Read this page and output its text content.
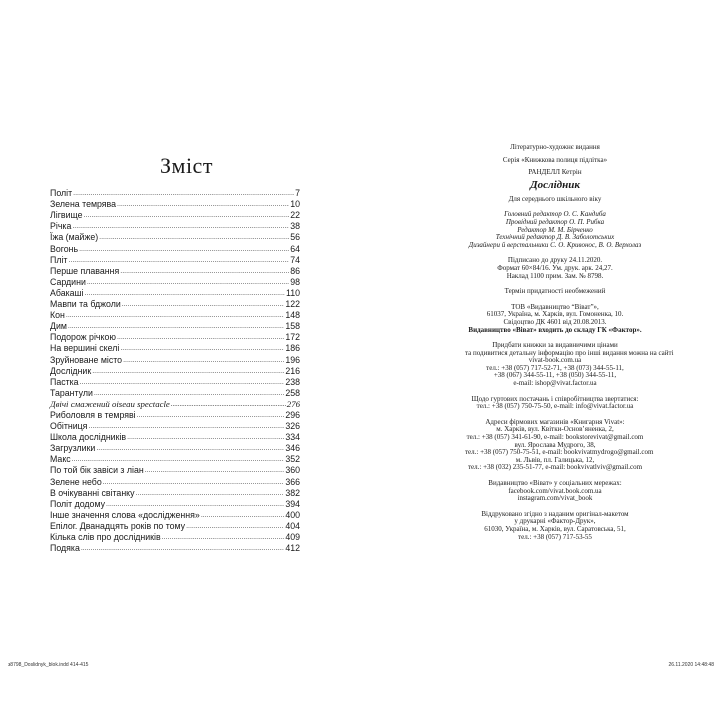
Зміст
Політ .....	7
Зелена темрява .....	10
Лігвище .....	22
Річка .....	38
Їжа (майже) .....	56
Вогонь .....	64
Пліт .....	74
Перше плавання .....	86
Сардини .....	98
Абакаші .....	110
Мавпи та бджоли .....	122
Кон .....	148
Дим .....	158
Подорож річкою .....	172
На вершині скелі .....	186
Зруйноване місто .....	196
Дослідник .....	216
Пастка .....	238
Тарантули .....	258
Двічі смажений oiseau spectacle .....	276
Риболовля в темряві .....	296
Обітниця .....	326
Школа дослідників .....	334
Загрузлики .....	346
Макс .....	352
По той бік завіси з ліан .....	360
Зелене небо .....	366
В очікуванні світанку .....	382
Політ додому .....	394
Інше значення слова «дослідження» .....	400
Епілог. Дванадцять років по тому .....	404
Кілька слів про дослідників .....	409
Подяка .....	412
Літературно-художнє видання
Серія «Книжкова полиця підлітка»
РАНДЕЛЛ Кетрін
Дослідник
Для середнього шкільного віку
Головний редактор О. С. Кандиба
Провідний редактор О. П. Рибка
Редактор М. М. Бірченко
Технічний редактор Д. В. Заболотських
Дизайнери й верстальники С. О. Кривонос, В. О. Верхолаз
Підписано до друку 24.11.2020.
Формат 60×84/16. Ум. друк. арк. 24,27.
Наклад 1100 прим. Зам. № 8798.
Термін придатності необмежений
ТОВ «Видавництво “Віват”»,
61037, Україна, м. Харків, вул. Гомоненка, 10.
Свідоцтво ДК 4601 від 20.08.2013.
Видавництво «Віват» входить до складу ГК «Фактор».
Придбати книжки за видавничими цінами
та подивитися детальну інформацію про інші видання можна на сайті
vivat-book.com.ua
тел.: +38 (057) 717-52-71, +38 (073) 344-55-11,
+38 (067) 344-55-11, +38 (050) 344-55-11,
e-mail: ishop@vivat.factor.ua
Щодо гуртових постачань і співробітництва звертатися:
тел.: +38 (057) 750-75-50, e-mail: info@vivat.factor.ua
Адреси фірмових магазинів «Книгарня Vivat»:
м. Харків, вул. Квітки-Основ’яненка, 2,
тел.: +38 (057) 341-61-90, e-mail: bookstorevivat@gmail.com
вул. Ярослава Мудрого, 38,
тел.: +38 (057) 750-75-51, e-mail: bookvivatmydrogo@gmail.com
м. Львів, пл. Галицька, 12,
тел.: +38 (032) 235-51-77, e-mail: bookvivatlviv@gmail.com
Видавництво «Віват» у соціальних мережах:
facebook.com/vivat.book.com.ua
instagram.com/vivat_book
Віддруковано згідно з наданим оригінал-макетом
у друкарні «Фактор-Друк»,
61030, Україна, м. Харків, вул. Саратовська, 51,
тел.: +38 (057) 717-53-55
з8798_Doslidnyk_blok.indd 414-415	26.11.2020 14:48:48
